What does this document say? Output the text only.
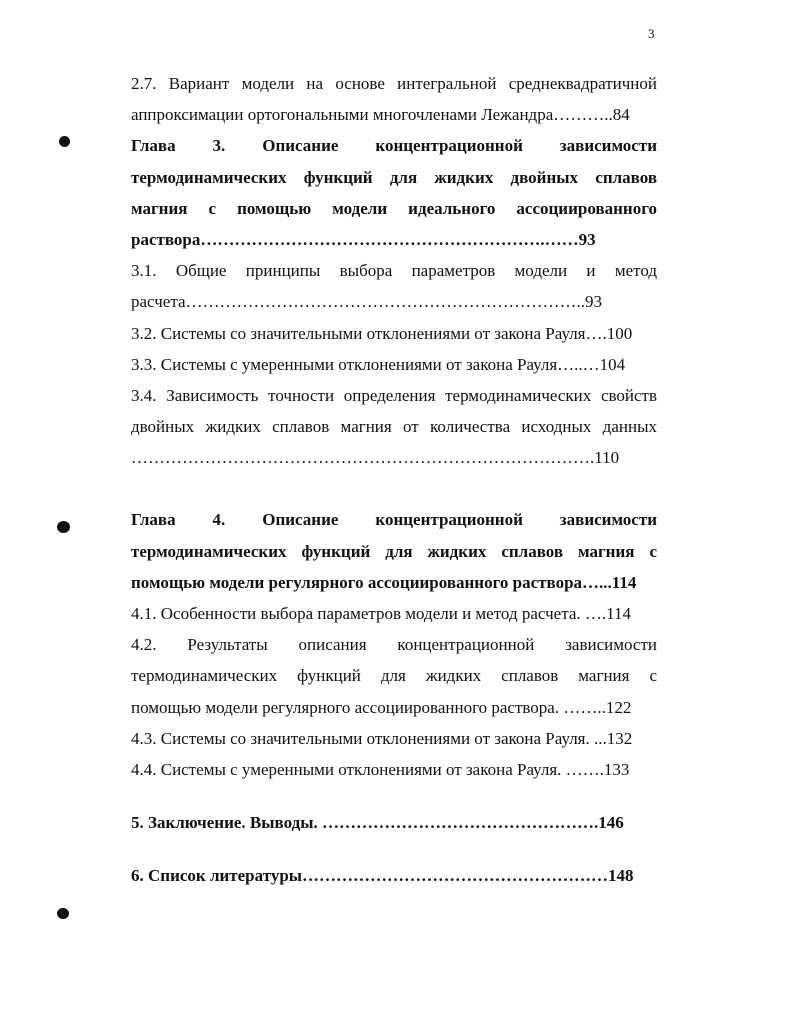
3
2.7. Вариант модели на основе интегральной среднеквадратичной
аппроксимации ортогональными многочленами Лежандра………..84
Глава 3. Описание концентрационной зависимости
термодинамических функций для жидких двойных сплавов
магния с помощью модели идеального ассоциированного
раствора…………………………………………………….……93
3.1. Общие принципы выбора параметров модели и метод
расчета……………………………………………………………..93
3.2. Системы со значительными отклонениями от закона Рауля….100
3.3. Системы с умеренными отклонениями от закона Рауля…..…104
3.4. Зависимость точности определения термодинамических свойств
двойных жидких сплавов магния от количества исходных данных
……………………………………………………………………….110
Глава 4. Описание концентрационной зависимости
термодинамических функций для жидких сплавов магния с
помощью модели регулярного ассоциированного раствора…...114
4.1. Особенности выбора параметров модели и метод расчета. ….114
4.2. Результаты описания концентрационной зависимости
термодинамических функций для жидких сплавов магния с
помощью модели регулярного ассоциированного раствора. ……..122
4.3. Системы со значительными отклонениями от закона Рауля. ...132
4.4. Системы с умеренными отклонениями от закона Рауля. …….133
5. Заключение. Выводы. ………………………………………….146
6. Список литературы………………………………………………148
